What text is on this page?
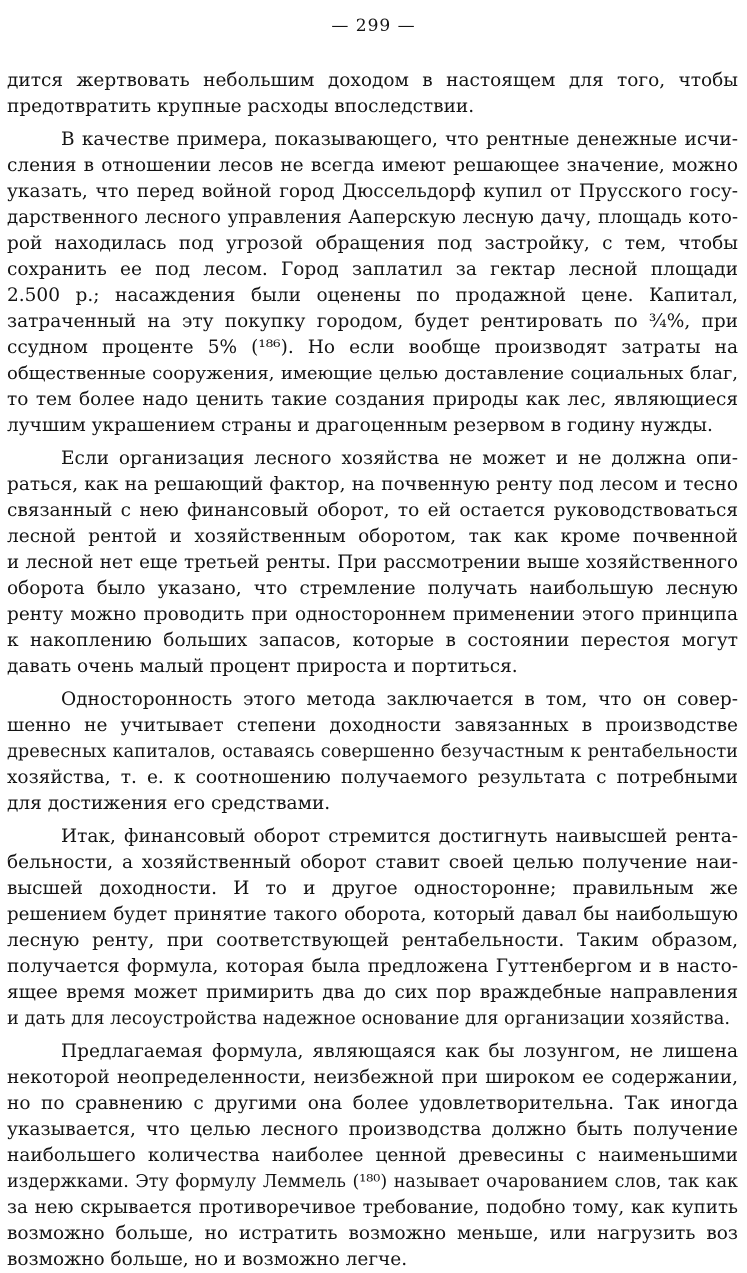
— 299 —
дится жертвовать небольшим доходом в настоящем для того, чтобы
предотвратить крупные расходы впоследствии.
В качестве примера, показывающего, что рентные денежные исчи-
сления в отношении лесов не всегда имеют решающее значение, можно
указать, что перед войной город Дюссельдорф купил от Прусского госу-
дарственного лесного управления Ааперскую лесную дачу, площадь кото-
рой находилась под угрозой обращения под застройку, с тем, чтобы
сохранить ее под лесом. Город заплатил за гектар лесной площади
2.500 р.; насаждения были оценены по продажной цене. Капитал,
затраченный на эту покупку городом, будет рентировать по ³⁄₄%, при
ссудном проценте 5% (¹⁸⁶). Но если вообще производят затраты на
общественные сооружения, имеющие целью доставление социальных благ,
то тем более надо ценить такие создания природы как лес, являющиеся
лучшим украшением страны и драгоценным резервом в годину нужды.
Если организация лесного хозяйства не может и не должна опи-
раться, как на решающий фактор, на почвенную ренту под лесом и тесно
связанный с нею финансовый оборот, то ей остается руководствоваться
лесной рентой и хозяйственным оборотом, так как кроме почвенной
и лесной нет еще третьей ренты. При рассмотрении выше хозяйственного
оборота было указано, что стремление получать наибольшую лесную
ренту можно проводить при одностороннем применении этого принципа
к накоплению больших запасов, которые в состоянии перестоя могут
давать очень малый процент прироста и портиться.
Односторонность этого метода заключается в том, что он совер-
шенно не учитывает степени доходности завязанных в производстве
древесных капиталов, оставаясь совершенно безучастным к рентабельности
хозяйства, т. е. к соотношению получаемого результата с потребными
для достижения его средствами.
Итак, финансовый оборот стремится достигнуть наивысшей рента-
бельности, а хозяйственный оборот ставит своей целью получение наи-
высшей доходности. И то и другое односторонне; правильным же
решением будет принятие такого оборота, который давал бы наибольшую
лесную ренту, при соответствующей рентабельности. Таким образом,
получается формула, которая была предложена Гуттенбергом и в насто-
ящее время может примирить два до сих пор враждебные направления
и дать для лесоустройства надежное основание для организации хозяйства.
Предлагаемая формула, являющаяся как бы лозунгом, не лишена
некоторой неопределенности, неизбежной при широком ее содержании,
но по сравнению с другими она более удовлетворительна. Так иногда
указывается, что целью лесного производства должно быть получение
наибольшего количества наиболее ценной древесины с наименьшими
издержками. Эту формулу Леммель (¹⁸⁰) называет очарованием слов, так как
за нею скрывается противоречивое требование, подобно тому, как купить
возможно больше, но истратить возможно меньше, или нагрузить воз
возможно больше, но и возможно легче.
